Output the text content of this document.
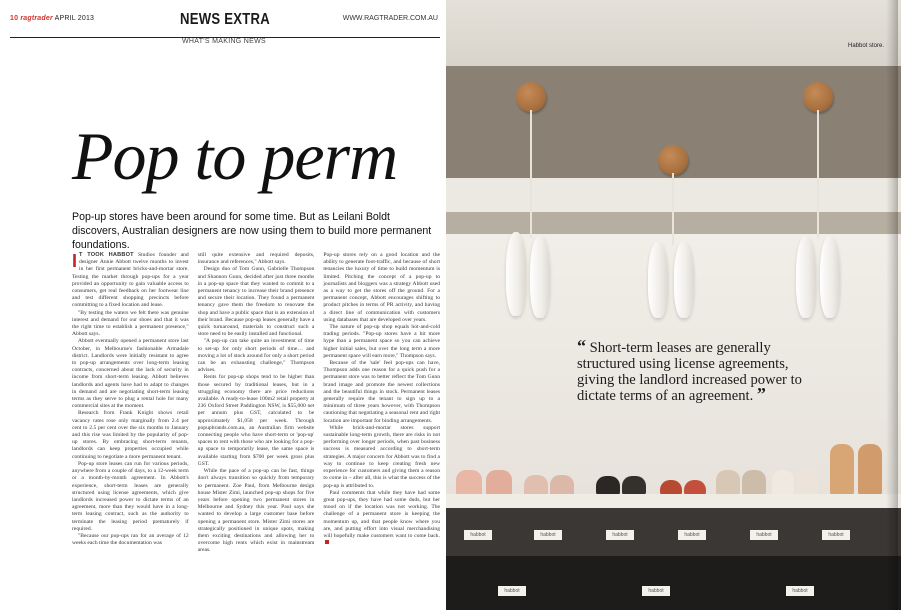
10 ragtrader APRIL 2013	NEWS EXTRA	WWW.RAGTRADER.COM.AU
WHAT'S MAKING NEWS
Pop to perm
Pop-up stores have been around for some time. But as Leilani Boldt discovers, Australian designers are now using them to build more permanent foundations.

I T TOOK HABBOT Studios founder and designer Annie Abbott twelve months to invest in her first permanent bricks-and-mortar store. Testing the market through pop-ups for a year provided an opportunity to gain valuable access to consumers, get real feedback on her footwear line and test different shopping precincts before committing to a fixed location and lease.

"By testing the waters we felt there was genuine interest and demand for our shoes and that it was the right time to establish a permanent presence," Abbott says.

Abbott eventually opened a permanent store last October, in Melbourne's fashionable Armadale district. Landlords were initially resistant to agree to pop-up arrangements over long-term leasing contracts, concerned about the lack of security in income from short-term leasing. Abbott believes landlords and agents have had to adapt to changes in demand and are negotiating short-term leasing terms as they serve to plug a rental hole for many commercial sites at the moment.

Research from Frank Knight shows retail vacancy rates rose only marginally from 2.4 per cent to 2.5 per cent over the six months to January and this rise was limited by the popularity of pop-up stores. By embracing short-term tenants, landlords can keep properties occupied while continuing to negotiate a more permanent tenant.

Pop-up store leases can run for various periods, anywhere from a couple of days, to a 12-week term or a month-by-month agreement. In Abbott's experience, short-term leases are generally structured using license agreements, which give landlords increased power to dictate terms of an agreement, more than they would have in a long-term leasing contract, such as the authority to terminate the leasing period prematurely if required.

"Because our pop-ups ran for an average of 12 weeks each time the documentation was

still quite extensive and required deposits, insurance and references," Abbott says.

Design duo of Tom Gunn, Gabrielle Thompson and Shannon Gunn, decided after just three months in a pop-up space that they wanted to commit to a permanent tenancy to increase their brand presence and secure their location. They found a permanent tenancy gave them the freedom to renovate the shop and have a public space that is an extension of their brand. Because pop-up leases generally have a quick turnaround, materials to construct such a store need to be easily installed and functional.

"A pop-up can take quite an investment of time to set-up for only short periods of time… and moving a lot of stock around for only a short period can be an exhausting challenge," Thompson advises.

Rents for pop-up shops tend to be higher than those secured by traditional leases, but in a struggling economy there are price reductions available. A ready-to-lease 100m2 retail property at 236 Oxford Street Paddington NSW, is $55,000 net per annum plus GST, calculated to be approximately $1,058 per week. Through popupbrands.com.au, an Australian firm website connecting people who have short-term or 'pop-up' spaces to rent with those who are looking for a pop-up space to temporarily lease, the same space is available starting from $700 per week gross plus GST.

While the pace of a pop-up can be fast, things don't always transition so quickly from temporary to permanent. Zoe Paul, from Melbourne design house Mister Zimi, launched pop-up shops for five years before opening two permanent stores in Melbourne and Sydney this year. Paul says she wanted to develop a large customer base before opening a permanent store. Mister Zimi stores are strategically positioned in unique spots, making them exciting destinations and allowing her to overcome high rents which exist in mainstream areas.

Pop-up stores rely on a good location and the ability to generate foot-traffic, and because of short tenancies the luxury of time to build momentum is limited. Pitching the concept of a pop-up to journalists and bloggers was a strategy Abbott used as a way to get the stores off the ground. For a permanent concept, Abbott encourages shifting to product pitches in terms of PR activity, and having a direct line of communication with customers using databases that are developed over years.

The nature of pop-up shop equals hot-and-cold trading periods. "Pop-up stores have a bit more hype than a permanent space so you can achieve higher initial sales, but over the long term a more permanent space will earn more," Thompson says.

Because of the 'sale' feel pop-ups can have, Thompson adds one reason for a quick push for a permanent store was to better reflect the Tom Gunn brand image and promote the newest collections and the beautiful things in stock. Permanent leases generally require the tenant to sign up to a minimum of three years however, with Thompson cautioning that negotiating a seasonal rent and right location are important for binding arrangements.

While brick-and-mortar stores support sustainable long-term growth, there are risks in not performing over longer periods, when past business success is measured according to short-term strategies. A major concern for Abbott was to find a way to continue to keep creating fresh new experience for customers and giving them a reason to come in – after all, this is what the success of the pop-up is attributed to.

Paul comments that while they have had some great pop-ups, they have had some duds, but her mood on if the location was not working. The challenge of a permanent store is keeping the momentum up, and that people know where you are, and putting effort into visual merchandising will hopefully make customers want to come back.

Habbot store.
“ Short-term leases are generally structured using license agreements, giving the landlord increased power to dictate terms of an agreement. ”
habbot	habbot	habbot	habbot	habbot	habbot
habbot	habbot	habbot
